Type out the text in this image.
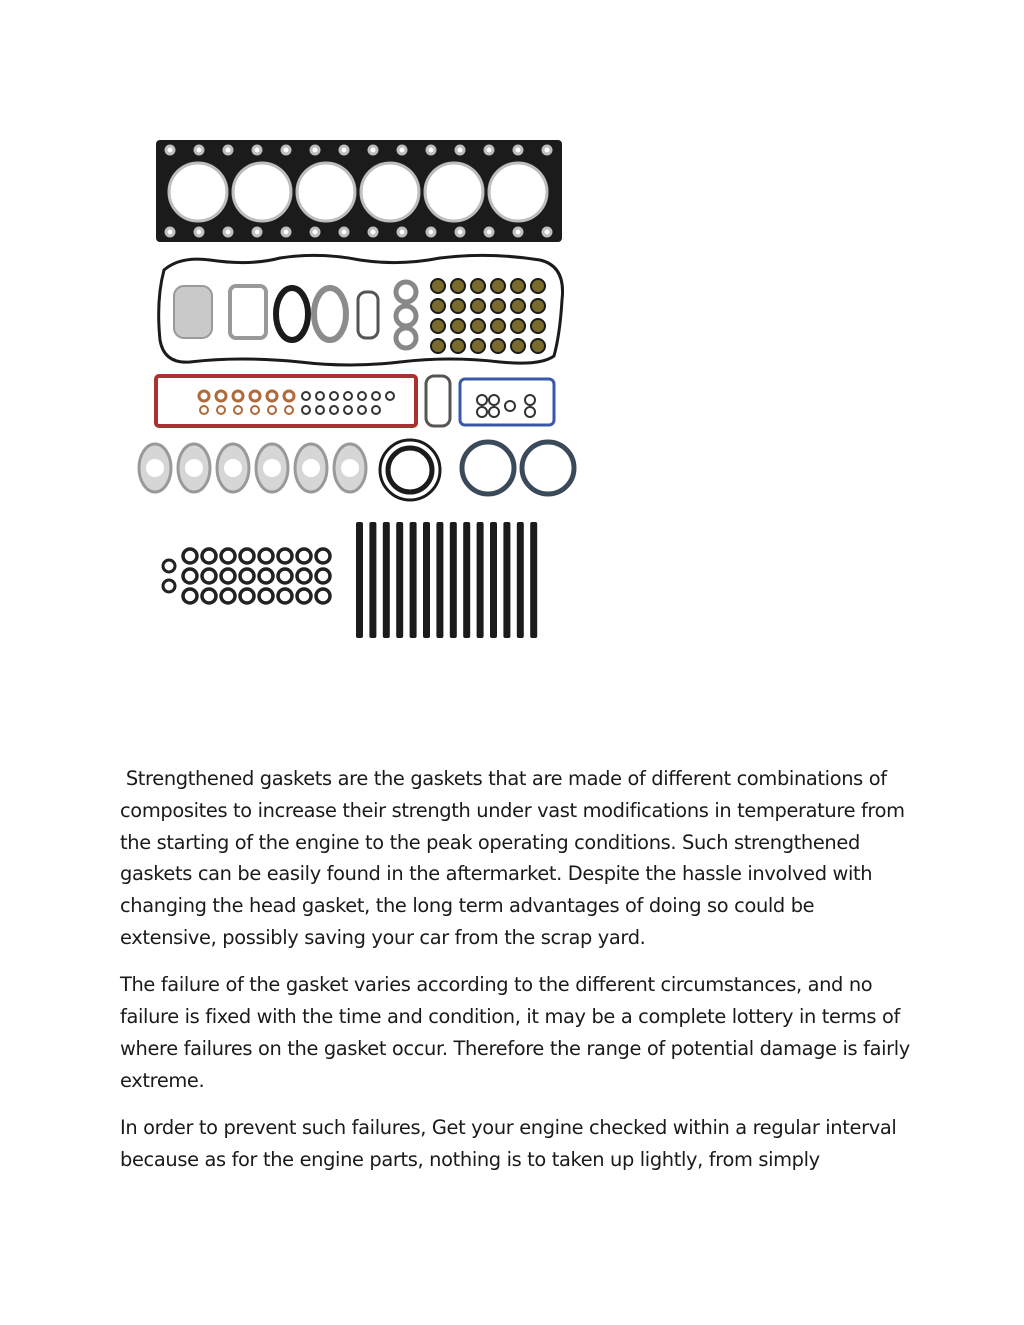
Strengthened gaskets are the gaskets that are made of different combinations of composites to increase their strength under vast modifications in temperature from the starting of the engine to the peak operating conditions. Such strengthened gaskets can be easily found in the aftermarket. Despite the hassle involved with changing the head gasket, the long term advantages of doing so could be extensive, possibly saving your car from the scrap yard.

The failure of the gasket varies according to the different circumstances, and no failure is fixed with the time and condition, it may be a complete lottery in terms of where failures on the gasket occur. Therefore the range of potential damage is fairly extreme.

In order to prevent such failures, Get your engine checked within a regular interval because as for the engine parts, nothing is to taken up lightly, from simply
